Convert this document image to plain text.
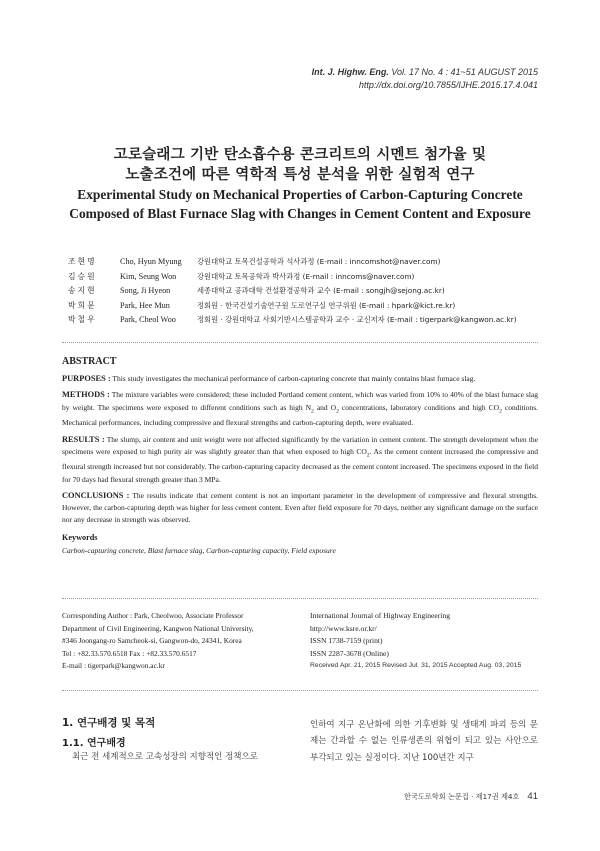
Int. J. Highw. Eng. Vol. 17 No. 4 : 41~51 AUGUST 2015
http://dx.doi.org/10.7855/IJHE.2015.17.4.041
고로슬래그 기반 탄소흡수용 콘크리트의 시멘트 첨가율 및
노출조건에 따른 역학적 특성 분석을 위한 실험적 연구
Experimental Study on Mechanical Properties of Carbon-Capturing Concrete
Composed of Blast Furnace Slag with Changes in Cement Content and Exposure
조현명	Cho, Hyun Myung	강원대학교 토목건설공학과 석사과정 (E-mail : inncomshot@naver.com)
김승원	Kim, Seung Won	강원대학교 토목공학과 박사과정 (E-mail : inncoms@naver.com)
송지현	Song, Ji Hyeon	세종대학교 공과대학 건설환경공학과 교수 (E-mail : songjh@sejong.ac.kr)
박희문	Park, Hee Mun	정회원 · 한국건설기술연구원 도로연구실 연구위원 (E-mail : hpark@kict.re.kr)
박철우	Park, Cheol Woo	정회원 · 강원대학교 사회기반시스템공학과 교수 · 교신저자 (E-mail : tigerpark@kangwon.ac.kr)
ABSTRACT

PURPOSES : This study investigates the mechanical performance of carbon-capturing concrete that mainly contains blast furnace slag.

METHODS : The mixture variables were considered; these included Portland cement content, which was varied from 10% to 40% of the blast furnace slag by weight. The specimens were exposed to different conditions such as high $N_2$ and $O_2$ concentrations, laboratory conditions and high $CO_2$ conditions. Mechanical performances, including compressive and flexural strengths and carbon-capturing depth, were evaluated.

RESULTS : The slump, air content and unit weight were not affected significantly by the variation in cement content. The strength development when the specimens were exposed to high purity air was slightly greater than that when exposed to high $CO_2$. As the cement content increased the compressive and flexural strength increased but not considerably. The carbon-capturing capacity decreased as the cement content increased. The specimens exposed in the field for 70 days had flexural strength greater than 3 MPa.

CONCLUSIONS : The results indicate that cement content is not an important parameter in the development of compressive and flexural strengths. However, the carbon-capturing depth was higher for less cement content. Even after field exposure for 70 days, neither any significant damage on the surface nor any decrease in strength was observed.

Keywords
Carbon-capturing concrete, Blast furnace slag, Carbon-capturing capacity, Field exposure
Corresponding Author : Park, Cheolwoo, Associate Professor
Department of Civil Engineering, Kangwon National University,
#346 Joongang-ro Samcheok-si, Gangwon-do, 24341, Korea
Tel : +82.33.570.6518 Fax : +82.33.570.6517
E-mail : tigerpark@kangwon.ac.kr
International Journal of Highway Engineering
http://www.ksre.or.kr/
ISSN 1738-7159 (print)
ISSN 2287-3678 (Online)
Received Apr. 21, 2015 Revised Jul. 31, 2015 Accepted Aug. 03, 2015
1. 연구배경 및 목적
1.1. 연구배경
최근 전 세계적으로 고속성장의 지향적인 정책으로
인하여 지구 온난화에 의한 기후변화 및 생태계 파괴 등의 문제는 간과할 수 없는 인류생존의 위협이 되고 있는 사안으로 부각되고 있는 실정이다. 지난 100년간 지구
한국도로학회 논문집 · 제17권 제4호 41
